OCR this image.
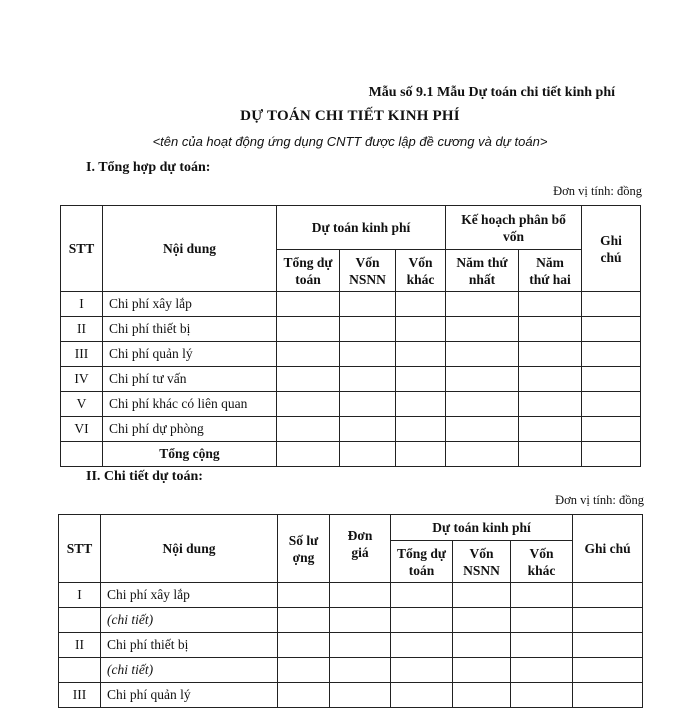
Mẫu số 9.1 Mẫu Dự toán chi tiết kinh phí
DỰ TOÁN CHI TIẾT KINH PHÍ
<tên của hoạt động ứng dụng CNTT được lập đề cương và dự toán>
I. Tổng hợp dự toán:
Đơn vị tính: đồng
STT	Nội dung	Dự toán kinh phí			Kế hoạch phân bổ vốn		Ghi chú
		Tổng dự toán	Vốn NSNN	Vốn khác	Năm thứ nhất	Năm thứ hai	
I	Chi phí xây lắp						
II	Chi phí thiết bị						
III	Chi phí quản lý						
IV	Chi phí tư vấn						
V	Chi phí khác có liên quan						
VI	Chi phí dự phòng						
	Tổng cộng						
II. Chi tiết dự toán:
Đơn vị tính: đồng
STT	Nội dung	Số lượng	Đơn giá	Dự toán kinh phí			Ghi chú
				Tổng dự toán	Vốn NSNN	Vốn khác	
I	Chi phí xây lắp						
	(chi tiết)						
II	Chi phí thiết bị						
	(chi tiết)						
III	Chi phí quản lý						
